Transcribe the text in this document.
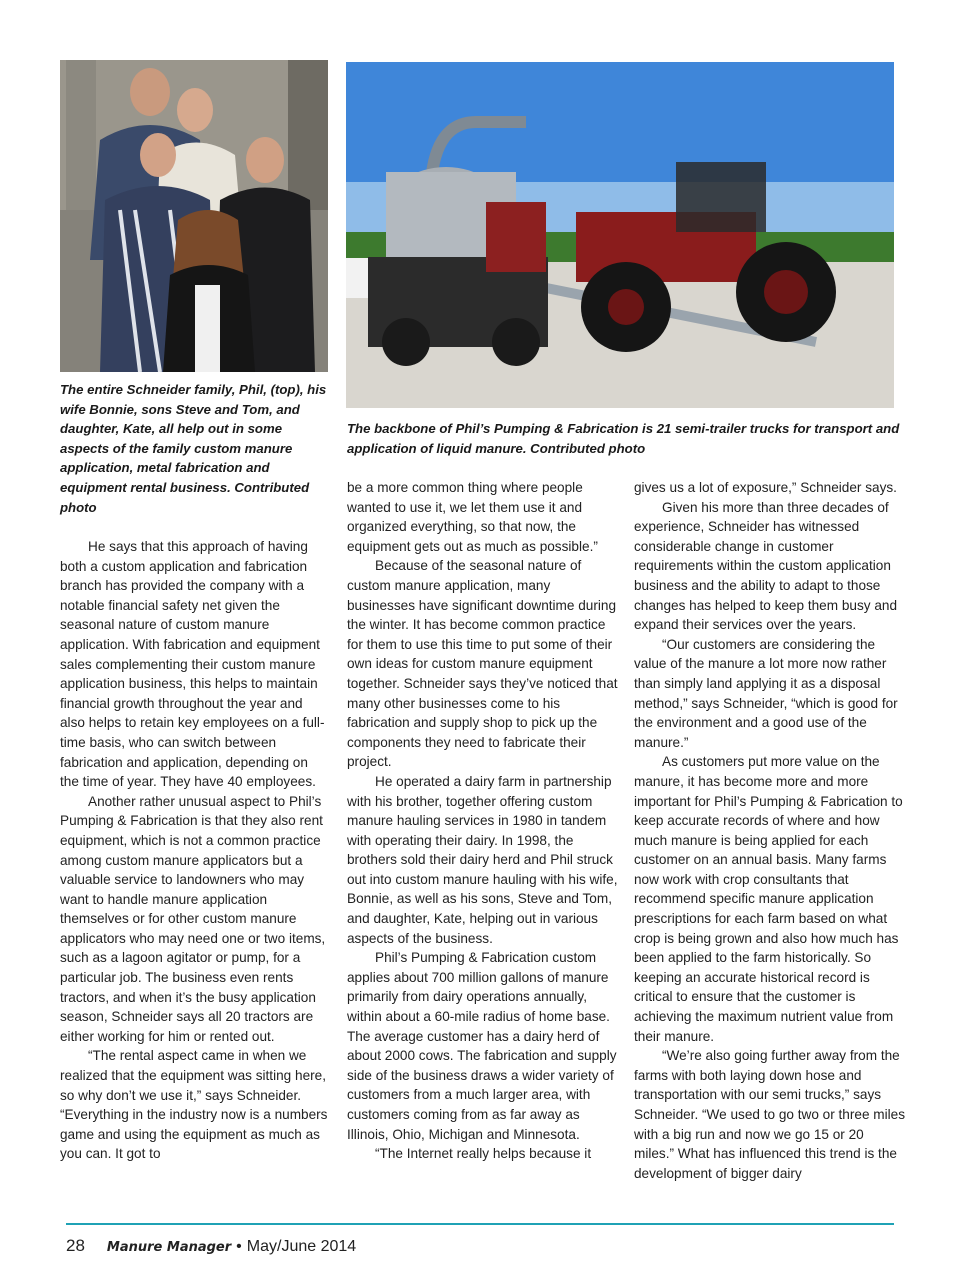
The entire Schneider family, Phil, (top), his wife Bonnie, sons Steve and Tom, and daughter, Kate, all help out in some aspects of the family custom manure application, metal fabrication and equipment rental business. Contributed photo
The backbone of Phil’s Pumping & Fabrication is 21 semi-trailer trucks for transport and application of liquid manure. Contributed photo

He says that this approach of having both a custom application and fabrication branch has provided the company with a notable financial safety net given the seasonal nature of custom manure application. With fabrication and equipment sales complementing their custom manure application business, this helps to maintain financial growth throughout the year and also helps to retain key employees on a full-time basis, who can switch between fabrication and application, depending on the time of year. They have 40 employees.

Another rather unusual aspect to Phil’s Pumping & Fabrication is that they also rent equipment, which is not a common practice among custom manure applicators but a valuable service to landowners who may want to handle manure application themselves or for other custom manure applicators who may need one or two items, such as a lagoon agitator or pump, for a particular job. The business even rents tractors, and when it’s the busy application season, Schneider says all 20 tractors are either working for him or rented out.

“The rental aspect came in when we realized that the equipment was sitting here, so why don’t we use it,” says Schneider. “Everything in the industry now is a numbers game and using the equipment as much as you can. It got to

be a more common thing where people wanted to use it, we let them use it and organized everything, so that now, the equipment gets out as much as possible.”

Because of the seasonal nature of custom manure application, many businesses have significant downtime during the winter. It has become common practice for them to use this time to put some of their own ideas for custom manure equipment together. Schneider says they’ve noticed that many other businesses come to his fabrication and supply shop to pick up the components they need to fabricate their project.

He operated a dairy farm in partnership with his brother, together offering custom manure hauling services in 1980 in tandem with operating their dairy. In 1998, the brothers sold their dairy herd and Phil struck out into custom manure hauling with his wife, Bonnie, as well as his sons, Steve and Tom, and daughter, Kate, helping out in various aspects of the business.

Phil’s Pumping & Fabrication custom applies about 700 million gallons of manure primarily from dairy operations annually, within about a 60-mile radius of home base. The average customer has a dairy herd of about 2000 cows. The fabrication and supply side of the business draws a wider variety of customers from a much larger area, with customers coming from as far away as Illinois, Ohio, Michigan and Minnesota.

“The Internet really helps because it

gives us a lot of exposure,” Schneider says.

Given his more than three decades of experience, Schneider has witnessed considerable change in customer requirements within the custom application business and the ability to adapt to those changes has helped to keep them busy and expand their services over the years.

“Our customers are considering the value of the manure a lot more now rather than simply land applying it as a disposal method,” says Schneider, “which is good for the environment and a good use of the manure.”

As customers put more value on the manure, it has become more and more important for Phil’s Pumping & Fabrication to keep accurate records of where and how much manure is being applied for each customer on an annual basis. Many farms now work with crop consultants that recommend specific manure application prescriptions for each farm based on what crop is being grown and also how much has been applied to the farm historically. So keeping an accurate historical record is critical to ensure that the customer is achieving the maximum nutrient value from their manure.

“We’re also going further away from the farms with both laying down hose and transportation with our semi trucks,” says Schneider. “We used to go two or three miles with a big run and now we go 15 or 20 miles.” What has influenced this trend is the development of bigger dairy

28 Manure Manager • May/June 2014
